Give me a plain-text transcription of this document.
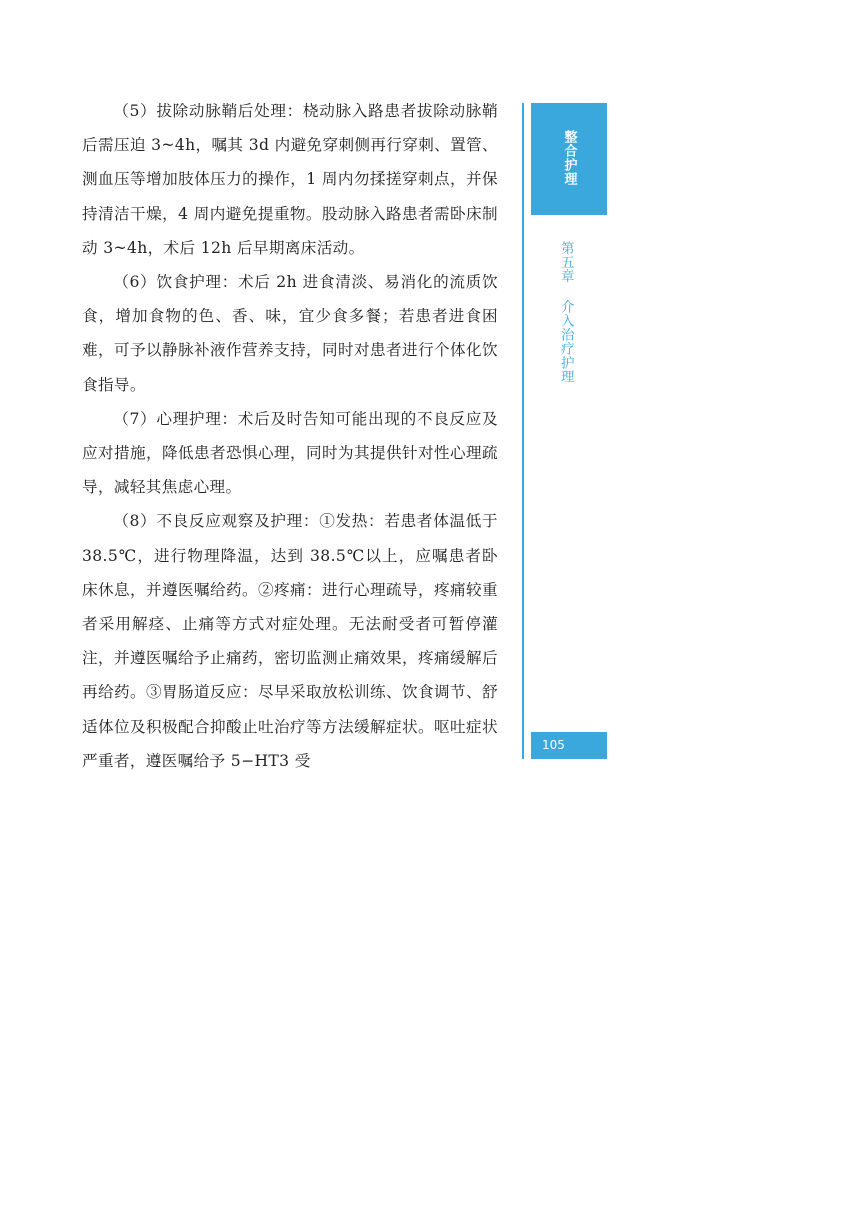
（5）拔除动脉鞘后处理：桡动脉入路患者拔除动脉鞘后需压迫 3~4h，嘱其 3d 内避免穿刺侧再行穿刺、置管、测血压等增加肢体压力的操作，1 周内勿揉搓穿刺点，并保持清洁干燥，4 周内避免提重物。股动脉入路患者需卧床制动 3~4h，术后 12h 后早期离床活动。

（6）饮食护理：术后 2h 进食清淡、易消化的流质饮食，增加食物的色、香、味，宜少食多餐；若患者进食困难，可予以静脉补液作营养支持，同时对患者进行个体化饮食指导。

（7）心理护理：术后及时告知可能出现的不良反应及应对措施，降低患者恐惧心理，同时为其提供针对性心理疏导，减轻其焦虑心理。

（8）不良反应观察及护理：①发热：若患者体温低于 38.5℃，进行物理降温，达到 38.5℃以上，应嘱患者卧床休息，并遵医嘱给药。②疼痛：进行心理疏导，疼痛较重者采用解痉、止痛等方式对症处理。无法耐受者可暂停灌注，并遵医嘱给予止痛药，密切监测止痛效果，疼痛缓解后再给药。③胃肠道反应：尽早采取放松训练、饮食调节、舒适体位及积极配合抑酸止吐治疗等方法缓解症状。呕吐症状严重者，遵医嘱给予 5−HT3 受

整合护理
第五章 介入治疗护理
105
